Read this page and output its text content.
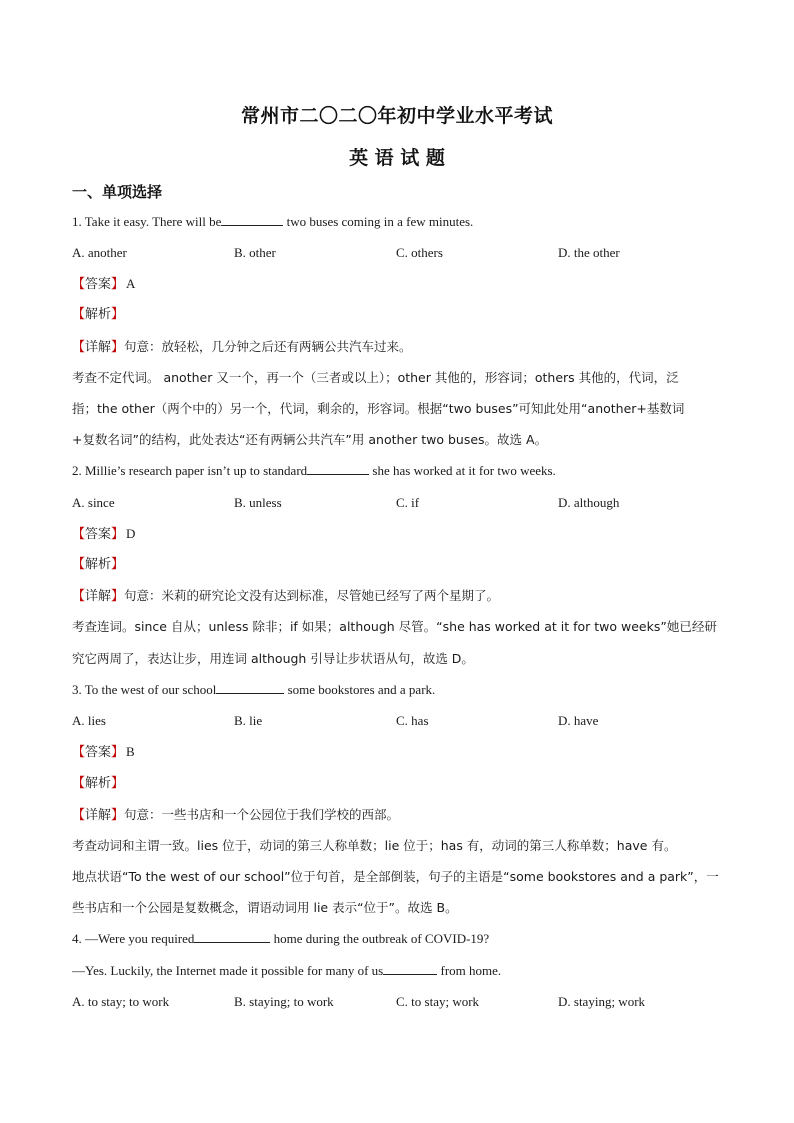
常州市二〇二〇年初中学业水平考试
英 语 试 题
一、单项选择
1. Take it easy. There will be	two buses coming in a few minutes.
A. another	B. other	C. others	D. the other
【答案】 A
【解析】
【详解】句意：放轻松，几分钟之后还有两辆公共汽车过来。
考查不定代词。 another 又一个，再一个（三者或以上）；other 其他的，形容词；others 其他的，代词，泛
指；the other（两个中的）另一个，代词，剩余的，形容词。根据“two buses”可知此处用“another+基数词
+复数名词”的结构，此处表达“还有两辆公共汽车”用 another two buses。故选 A。
2. Millie’s research paper isn’t up to standard	she has worked at it for two weeks.
A. since	B. unless	C. if	D. although
【答案】 D
【解析】
【详解】句意：米莉的研究论文没有达到标准，尽管她已经写了两个星期了。
考查连词。since 自从；unless 除非；if 如果；although 尽管。“she has worked at it for two weeks”她已经研
究它两周了，表达让步，用连词 although 引导让步状语从句，故选 D。
3. To the west of our school	some bookstores and a park.
A. lies	B. lie	C. has	D. have
【答案】 B
【解析】
【详解】句意：一些书店和一个公园位于我们学校的西部。
考查动词和主谓一致。lies 位于，动词的第三人称单数；lie 位于；has 有，动词的第三人称单数；have 有。
地点状语“To the west of our school”位于句首，是全部倒装，句子的主语是“some bookstores and a park”，一
些书店和一个公园是复数概念，谓语动词用 lie 表示“位于”。故选 B。
4. —Were you required	home during the outbreak of COVID-19?
—Yes. Luckily, the Internet made it possible for many of us	from home.
A. to stay; to work	B. staying; to work	C. to stay; work	D. staying; work
